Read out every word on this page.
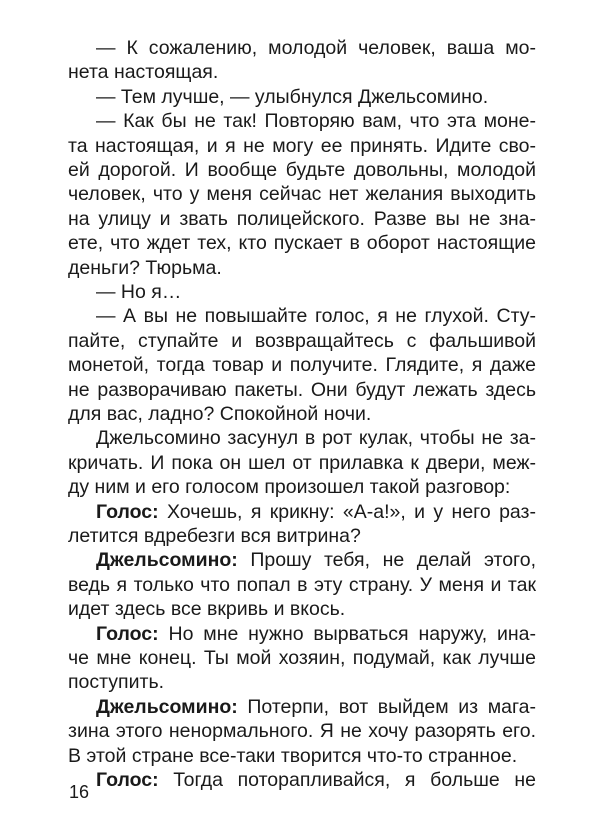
— К сожалению, молодой человек, ваша мо-
нета настоящая.
— Тем лучше, — улыбнулся Джельсомино.
— Как бы не так! Повторяю вам, что эта моне-
та настоящая, и я не могу ее принять. Идите сво-
ей дорогой. И вообще будьте довольны, молодой
человек, что у меня сейчас нет желания выходить
на улицу и звать полицейского. Разве вы не зна-
ете, что ждет тех, кто пускает в оборот настоящие
деньги? Тюрьма.
— Но я…
— А вы не повышайте голос, я не глухой. Сту-
пайте, ступайте и возвращайтесь с фальшивой
монетой, тогда товар и получите. Глядите, я даже
не разворачиваю пакеты. Они будут лежать здесь
для вас, ладно? Спокойной ночи.
Джельсомино засунул в рот кулак, чтобы не за-
кричать. И пока он шел от прилавка к двери, меж-
ду ним и его голосом произошел такой разговор:
Голос: Хочешь, я крикну: «А-а!», и у него раз-
летится вдребезги вся витрина?
Джельсомино: Прошу тебя, не делай этого,
ведь я только что попал в эту страну. У меня и так
идет здесь все вкривь и вкось.
Голос: Но мне нужно вырваться наружу, ина-
че мне конец. Ты мой хозяин, подумай, как лучше
поступить.
Джельсомино: Потерпи, вот выйдем из мага-
зина этого ненормального. Я не хочу разорять его.
В этой стране все-таки творится что-то странное.
Голос: Тогда поторапливайся, я больше не
16
